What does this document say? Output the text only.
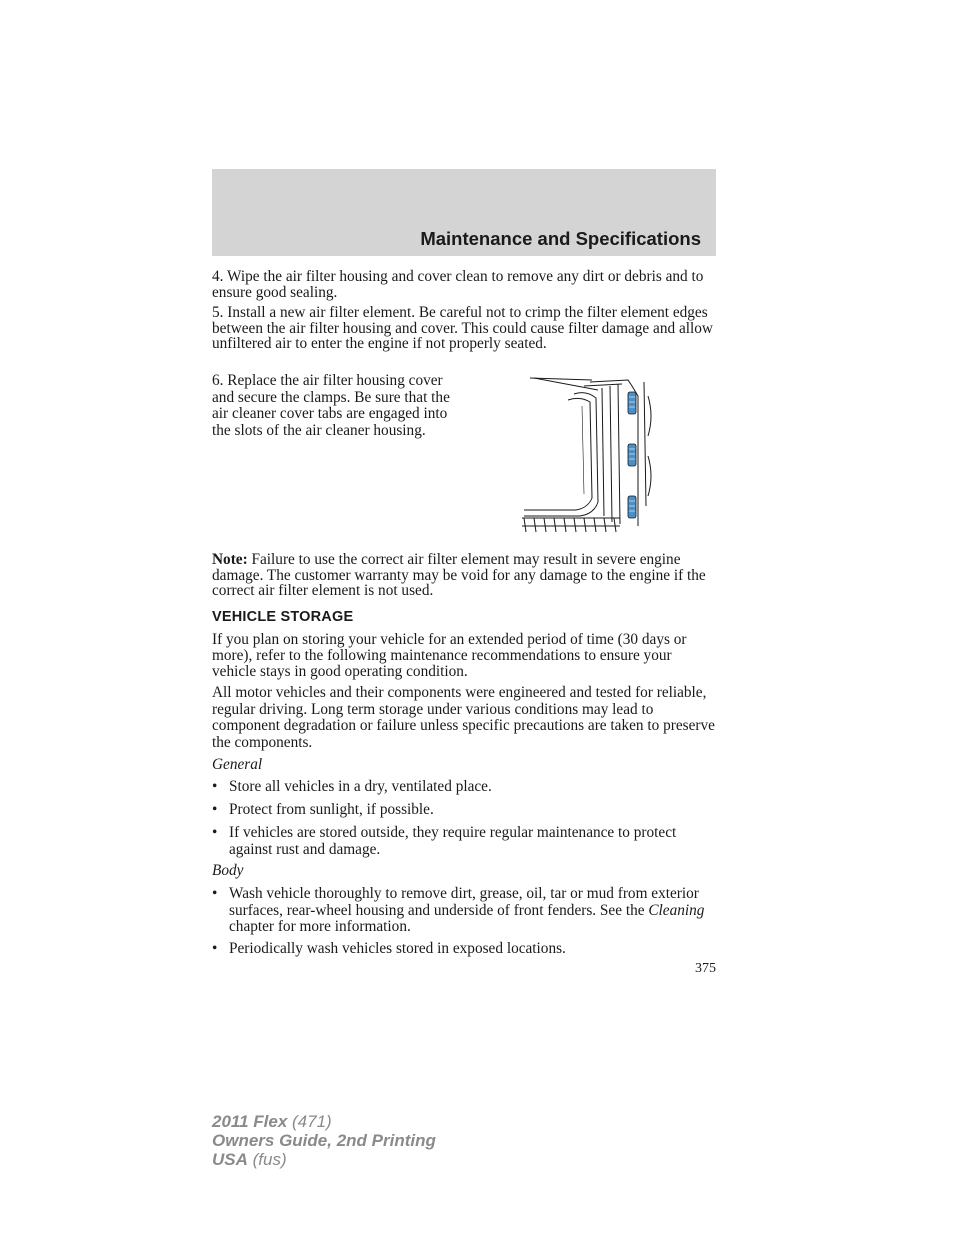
Maintenance and Specifications

4. Wipe the air filter housing and cover clean to remove any dirt or debris and to ensure good sealing.

5. Install a new air filter element. Be careful not to crimp the filter element edges between the air filter housing and cover. This could cause filter damage and allow unfiltered air to enter the engine if not properly seated.

6. Replace the air filter housing cover and secure the clamps. Be sure that the air cleaner cover tabs are engaged into the slots of the air cleaner housing.

Note: Failure to use the correct air filter element may result in severe engine damage. The customer warranty may be void for any damage to the engine if the correct air filter element is not used.

VEHICLE STORAGE

If you plan on storing your vehicle for an extended period of time (30 days or more), refer to the following maintenance recommendations to ensure your vehicle stays in good operating condition.

All motor vehicles and their components were engineered and tested for reliable, regular driving. Long term storage under various conditions may lead to component degradation or failure unless specific precautions are taken to preserve the components.

General

• Store all vehicles in a dry, ventilated place.
• Protect from sunlight, if possible.
• If vehicles are stored outside, they require regular maintenance to protect against rust and damage.

Body

• Wash vehicle thoroughly to remove dirt, grease, oil, tar or mud from exterior surfaces, rear-wheel housing and underside of front fenders. See the Cleaning chapter for more information.
• Periodically wash vehicles stored in exposed locations.
375
2011 Flex (471)
Owners Guide, 2nd Printing
USA (fus)
